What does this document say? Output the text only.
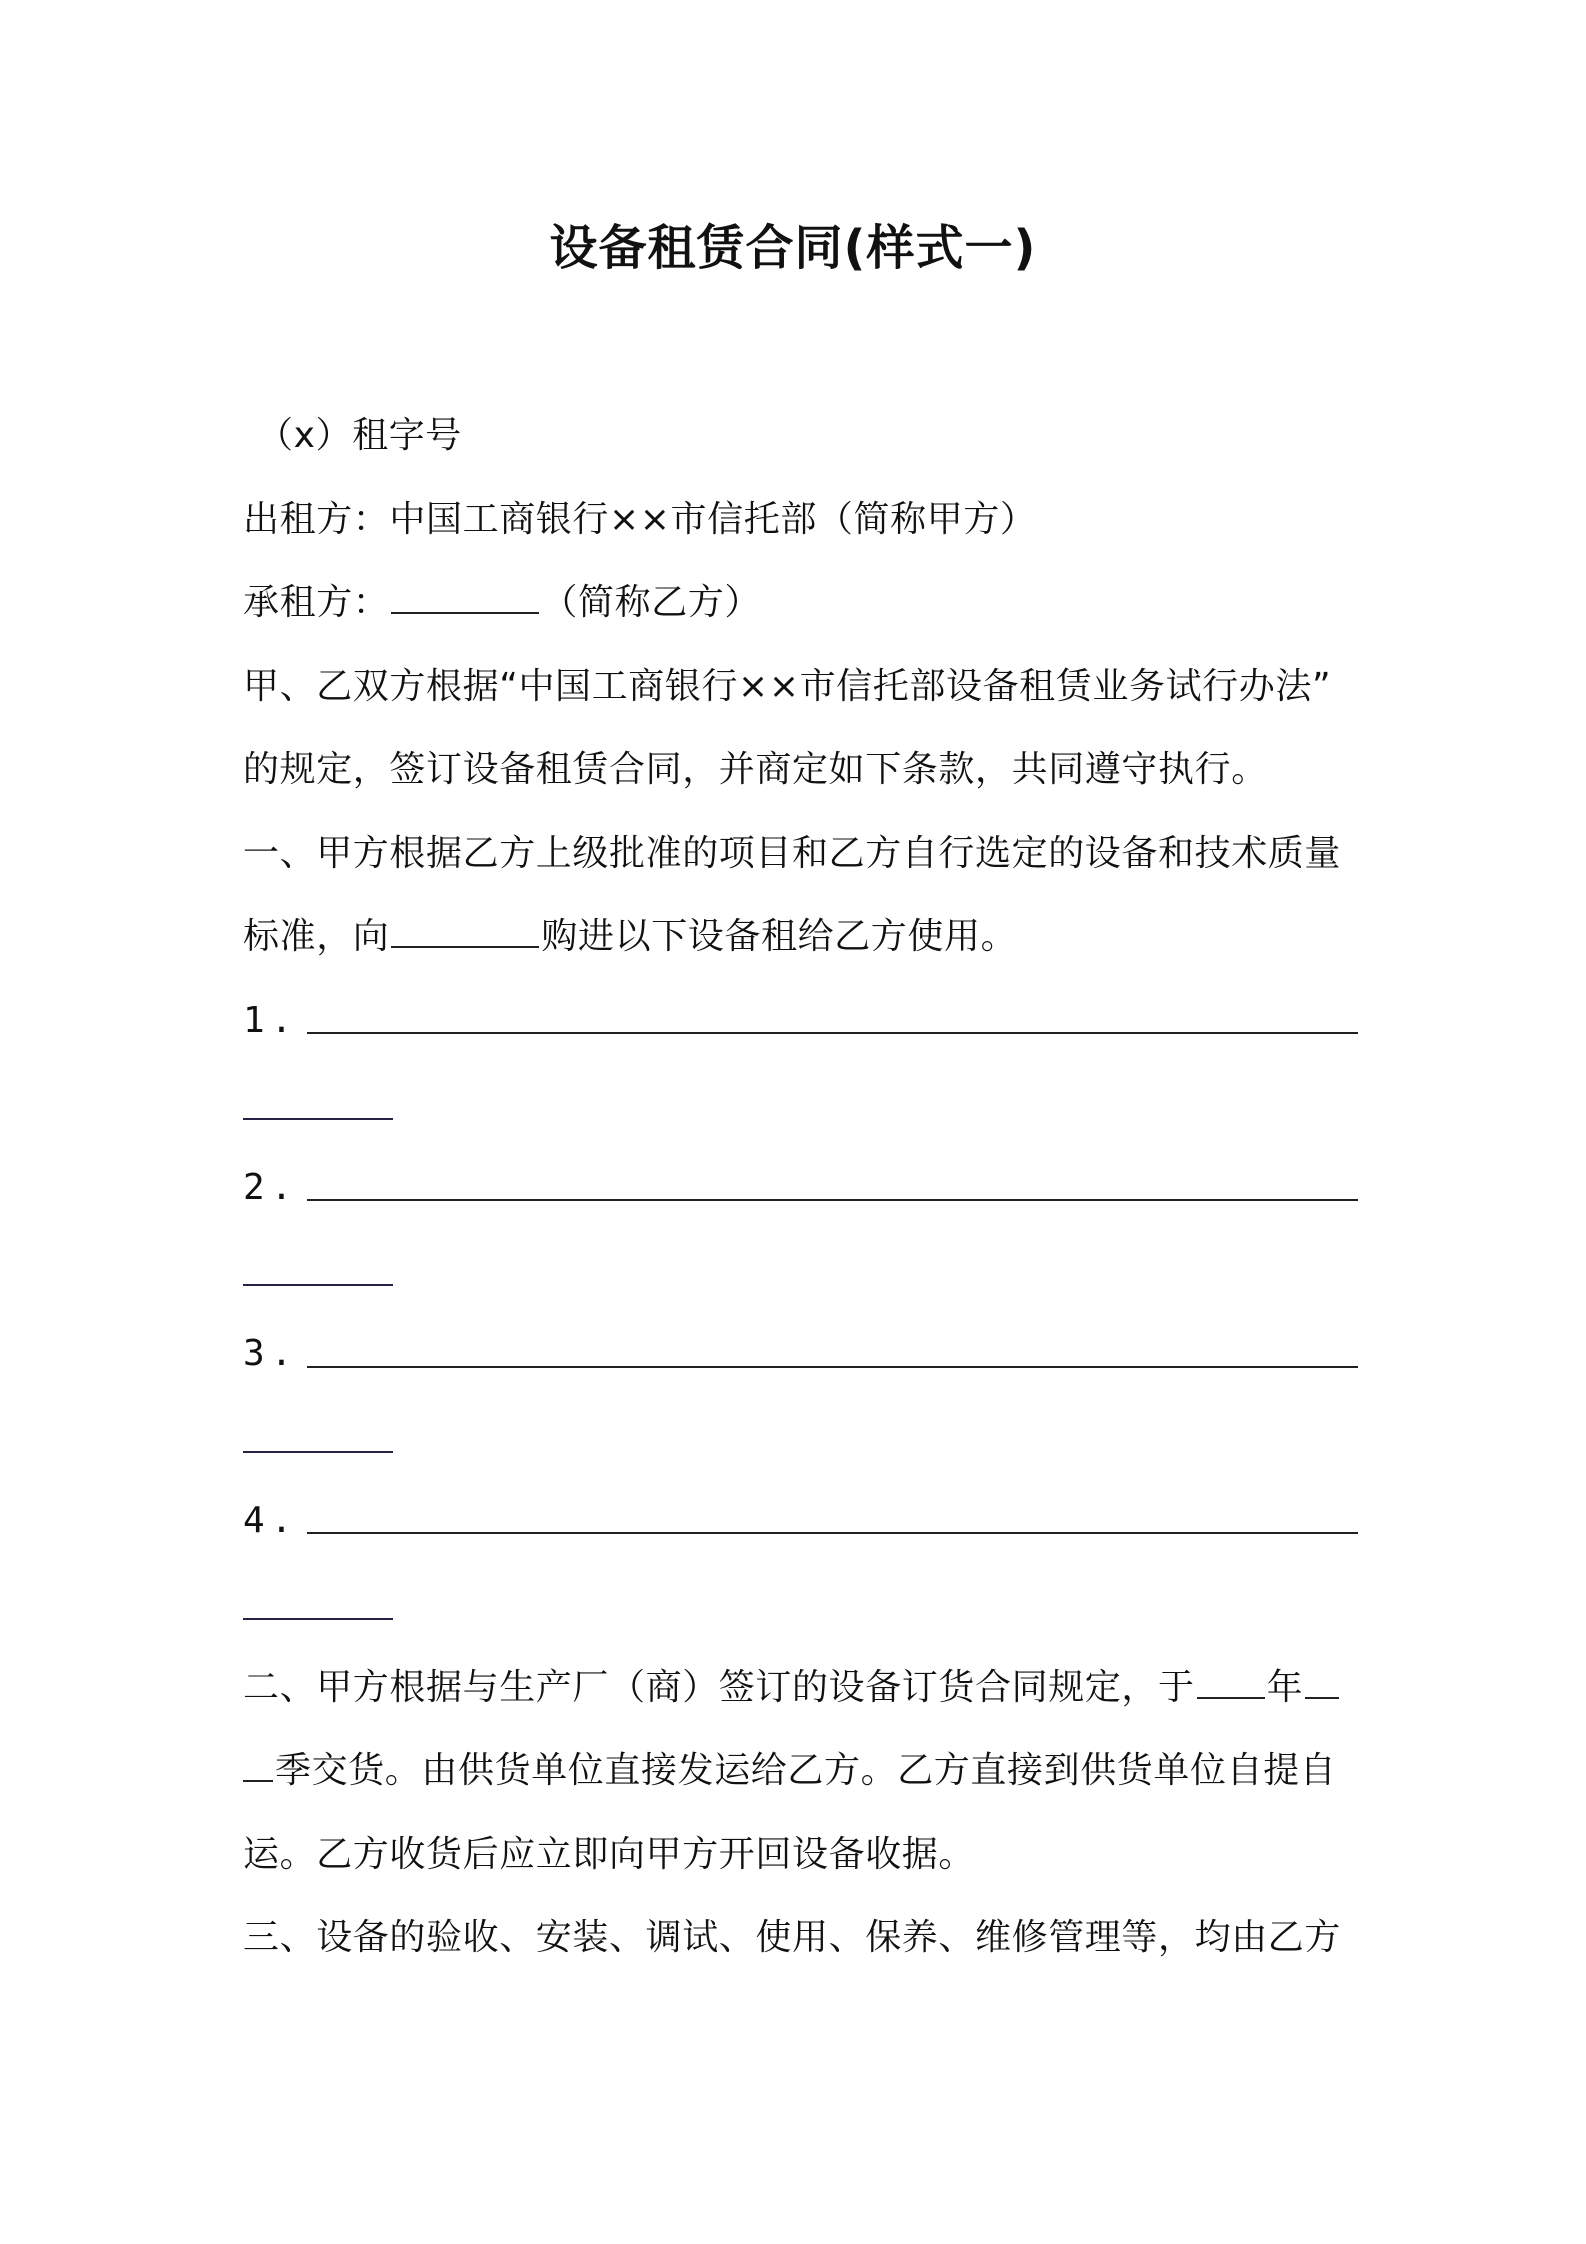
设备租赁合同(样式一)
（x）租字号
出租方：中国工商银行××市信托部（简称甲方）
承租方：	（简称乙方）
甲、乙双方根据“中国工商银行××市信托部设备租赁业务试行办法”
的规定，签订设备租赁合同，并商定如下条款，共同遵守执行。
一、甲方根据乙方上级批准的项目和乙方自行选定的设备和技术质量
标准，向	购进以下设备租给乙方使用。
1.
2.
3.
4.
二、甲方根据与生产厂（商）签订的设备订货合同规定，于 年
季交货。由供货单位直接发运给乙方。乙方直接到供货单位自提自
运。乙方收货后应立即向甲方开回设备收据。
三、设备的验收、安装、调试、使用、保养、维修管理等，均由乙方
